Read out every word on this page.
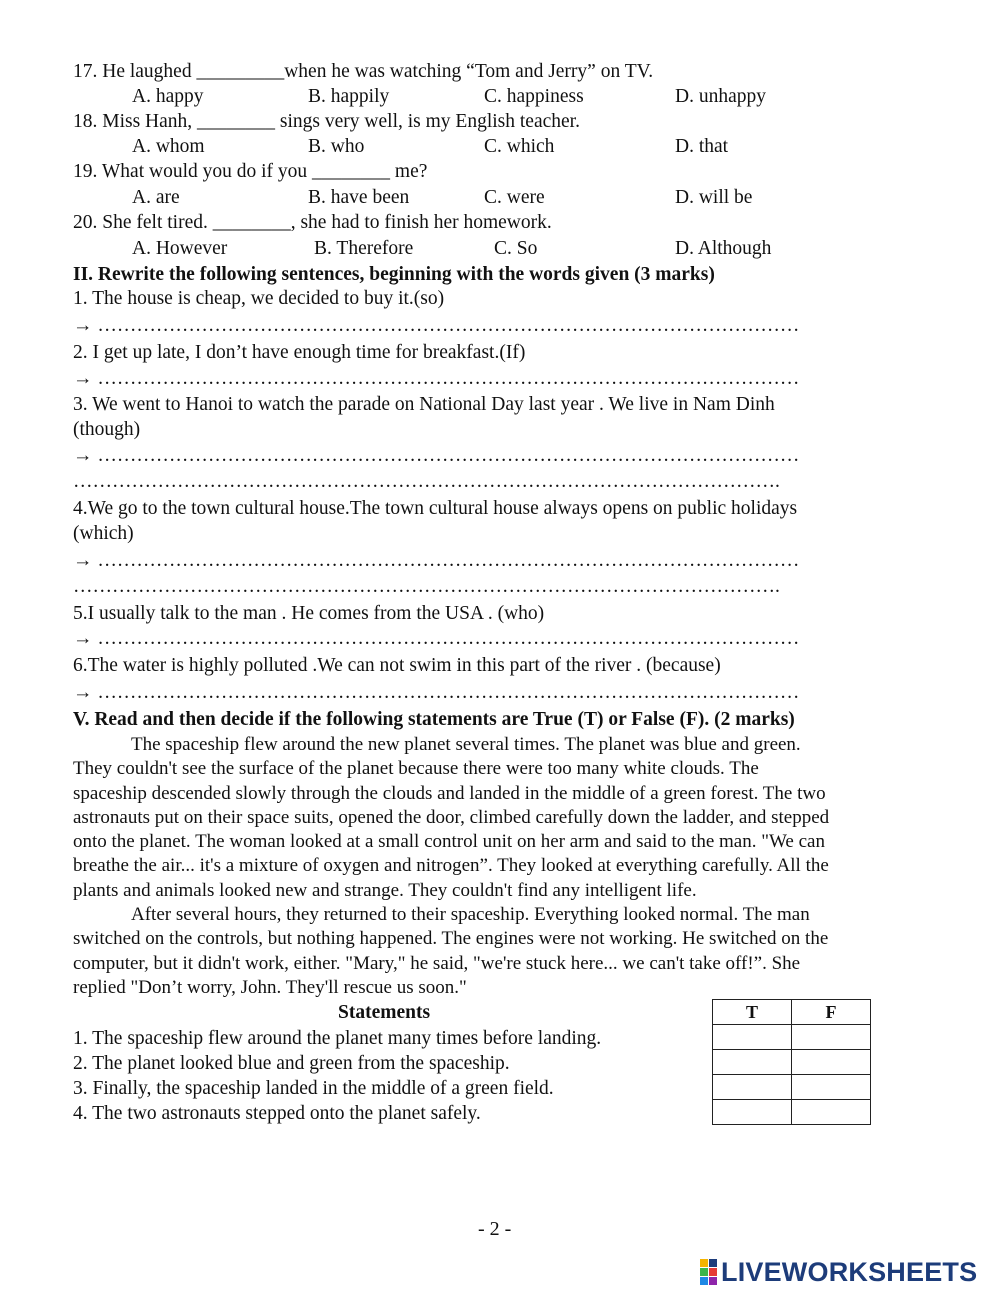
17. He laughed _________when he was watching “Tom and Jerry” on TV.
A. happy	B. happily	C. happiness	D. unhappy
18. Miss Hanh, ________ sings very well, is my English teacher.
A. whom	B. who	C. which	D. that
19. What would you do if you ________ me?
A. are	B. have been	C. were	D. will be
20. She felt tired. ________, she had to finish her homework.
A. However	B. Therefore	C. So	D. Although
II. Rewrite the following sentences, beginning with the words given (3 marks)
1. The house is cheap, we decided to buy it.(so)
→ ………………………………………………………………………………………………
2. I get up late, I don’t have enough time for breakfast.(If)
→ ………………………………………………………………………………………………
3. We went to Hanoi to watch the parade on National Day last year . We live in Nam Dinh
(though)
→ ………………………………………………………………………………………………
……………………………………………………………………………………………….
4.We go to the town cultural house.The town cultural house always opens on public holidays
(which)
→ ………………………………………………………………………………………………
……………………………………………………………………………………………….
5.I usually talk to the man . He comes from the USA . (who)
→ ………………………………………………………………………………………………
6.The water is highly polluted .We can not swim in this part of the river . (because)
→ ………………………………………………………………………………………………
V. Read and then decide if the following statements are True (T) or False (F). (2 marks)
The spaceship flew around the new planet several times. The planet was blue and green.
They couldn't see the surface of the planet because there were too many white clouds. The
spaceship descended slowly through the clouds and landed in the middle of a green forest. The two
astronauts put on their space suits, opened the door, climbed carefully down the ladder, and stepped
onto the planet. The woman looked at a small control unit on her arm and said to the man. "We can
breathe the air... it's a mixture of oxygen and nitrogen”. They looked at everything carefully. All the
plants and animals looked new and strange. They couldn't find any intelligent life.
After several hours, they returned to their spaceship. Everything looked normal. The man
switched on the controls, but nothing happened. The engines were not working. He switched on the
computer, but it didn't work, either. "Mary," he said, "we're stuck here... we can't take off!”. She
replied "Don’t worry, John. They'll rescue us soon."
Statements
1. The spaceship flew around the planet many times before landing.
2. The planet looked blue and green from the spaceship.
3. Finally, the spaceship landed in the middle of a green field.
4. The two astronauts stepped onto the planet safely.
T	F

- 2 -
LIVEWORKSHEETS
